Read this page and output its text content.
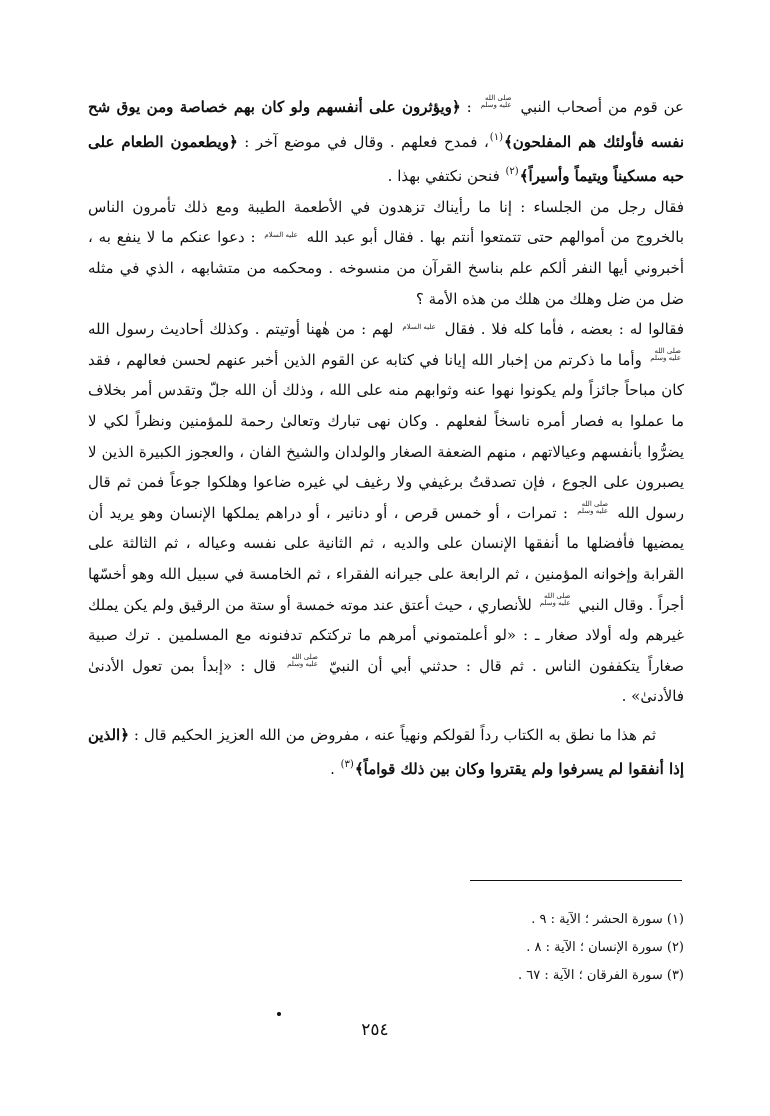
عن قوم من أصحاب النبي
صلى الله
عليه وسلم
: ﴿ويؤثرون على أنفسهم ولو كان بهم خصاصة ومن يوق شح نفسه فأولئك هم المفلحون﴾$^{(١)}$، فمدح فعلهم . وقال في موضع آخر : ﴿ويطعمون الطعام على حبه مسكيناً ويتيماً وأسيراً﴾$^{(٢)}$ فنحن نكتفي بهذا .
فقال رجل من الجلساء : إنا ما رأيناك تزهدون في الأطعمة الطيبة ومع ذلك تأمرون الناس بالخروج من أموالهم حتى تتمتعوا أنتم بها . فقال أبو عبد الله عليه السلام : دعوا عنكم ما لا ينفع به ، أخبروني أيها النفر ألكم علم بناسخ القرآن من منسوخه . ومحكمه من متشابهه ، الذي في مثله ضل من ضل وهلك من هلك من هذه الأمة ؟
فقالوا له : بعضه ، فأما كله فلا . فقال عليه السلام لهم : من هٰهنا أوتيتم . وكذلك أحاديث رسول الله
صلى الله
عليه وسلم
وأما ما ذكرتم من إخبار الله إيانا في كتابه عن القوم الذين أخبر عنهم لحسن فعالهم ، فقد كان مباحاً جائزاً ولم يكونوا نهوا عنه وثوابهم منه على الله ، وذلك أن الله جلّ وتقدس أمر بخلاف ما عملوا به فصار أمره ناسخاً لفعلهم . وكان نهى تبارك وتعالىٰ رحمة للمؤمنين ونظراً لكي لا يضرُّوا بأنفسهم وعيالاتهم ، منهم الضعفة الصغار والولدان والشيخ الفان ، والعجوز الكبيرة الذين لا يصبرون على الجوع ، فإن تصدقتُ برغيفي ولا رغيف لي غيره ضاعوا وهلكوا جوعاً فمن ثم قال رسول الله
صلى الله
عليه وسلم
: تمرات ، أو خمس قرص ، أو دنانير ، أو دراهم يملكها الإنسان وهو يريد أن يمضيها فأفضلها ما أنفقها الإنسان على والديه ، ثم الثانية على نفسه وعياله ، ثم الثالثة على القرابة وإخوانه المؤمنين ، ثم الرابعة على جيرانه الفقراء ، ثم الخامسة في سبيل الله وهو أخسّها أجراً . وقال النبي
صلى الله
عليه وسلم
للأنصاري ، حيث أعتق عند موته خمسة أو ستة من الرقيق ولم يكن يملك غيرهم وله أولاد صغار ـ : «لو أعلمتموني أمرهم ما تركتكم تدفنونه مع المسلمين . ترك صبية صغاراً يتكففون الناس . ثم قال : حدثني أبي أن النبيّ
صلى الله
عليه وسلم
قال : «إبدأ بمن تعول الأدنىٰ فالأدنىٰ» .

ثم هذا ما نطق به الكتاب رداً لقولكم ونهياً عنه ، مفروض من الله العزيز الحكيم قال : ﴿الذين إذا أنفقوا لم يسرفوا ولم يقتروا وكان بين ذلك قواماً﴾$^{(٣)}$ .

(١) سورة الحشر ؛ الآية : ٩ .
(٢) سورة الإنسان ؛ الآية : ٨ .
(٣) سورة الفرقان ؛ الآية : ٦٧ .
٢٥٤
